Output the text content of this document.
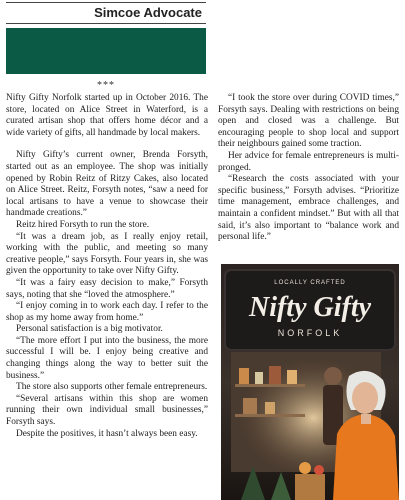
Simcoe Advocate
***

Nifty Gifty Norfolk started up in October 2016. The store, located on Alice Street in Waterford, is a curated artisan shop that offers home décor and a wide variety of gifts, all handmade by local makers.

Nifty Gifty’s current owner, Brenda Forsyth, started out as an employee. The shop was initially opened by Robin Reitz of Ritzy Cakes, also located on Alice Street. Reitz, Forsyth notes, “saw a need for local artisans to have a venue to showcase their handmade creations.”

Reitz hired Forsyth to run the store.

“It was a dream job, as I really enjoy retail, working with the public, and meeting so many creative people,” says Forsyth. Four years in, she was given the opportunity to take over Nifty Gifty.

“It was a fairy easy decision to make,” Forsyth says, noting that she “loved the atmosphere.”

“I enjoy coming in to work each day. I refer to the shop as my home away from home.”

Personal satisfaction is a big motivator.

“The more effort I put into the business, the more successful I will be. I enjoy being creative and changing things along the way to better suit the business.”

The store also supports other female entrepreneurs.

“Several artisans within this shop are women running their own individual small businesses,” Forsyth says.

Despite the positives, it hasn’t always been easy.

“I took the store over during COVID times,” Forsyth says. Dealing with restrictions on being open and closed was a challenge. But encouraging people to shop local and support their neighbours gained some traction.

Her advice for female entrepreneurs is multi-pronged.

“Research the costs associated with your specific business,” Forsyth advises. “Prioritize time management, embrace challenges, and maintain a confident mindset.” But with all that said, it’s also important to “balance work and personal life.”

LOCALLY CRAFTED
Nifty Gifty
NORFOLK
